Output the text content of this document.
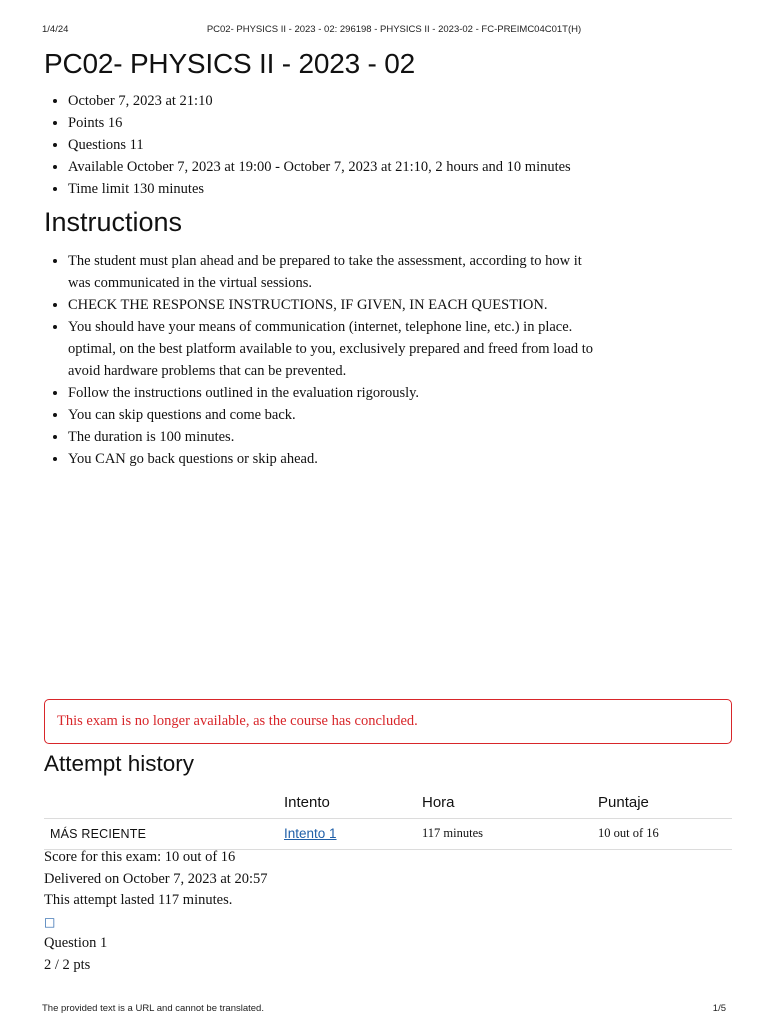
1/4/24	PC02- PHYSICS II - 2023 - 02: 296198 - PHYSICS II - 2023-02 - FC-PREIMC04C01T(H)
PC02- PHYSICS II - 2023 - 02
• October 7, 2023 at 21:10
• Points 16
• Questions 11
• Available October 7, 2023 at 19:00 - October 7, 2023 at 21:10, 2 hours and 10 minutes
• Time limit 130 minutes
Instructions
• The student must plan ahead and be prepared to take the assessment, according to how it was communicated in the virtual sessions.
• CHECK THE RESPONSE INSTRUCTIONS, IF GIVEN, IN EACH QUESTION.
• You should have your means of communication (internet, telephone line, etc.) in place. optimal, on the best platform available to you, exclusively prepared and freed from load to avoid hardware problems that can be prevented.
• Follow the instructions outlined in the evaluation rigorously.
• You can skip questions and come back.
• The duration is 100 minutes.
• You CAN go back questions or skip ahead.
This exam is no longer available, as the course has concluded.
Attempt history
	Intento	Hora	Puntaje
MÁS RECIENTE	Intento 1	117 minutes	10 out of 16
Score for this exam: 10 out of 16
Delivered on October 7, 2023 at 20:57
This attempt lasted 117 minutes.
□
Question 1
2 / 2 pts
The provided text is a URL and cannot be translated.	1/5
